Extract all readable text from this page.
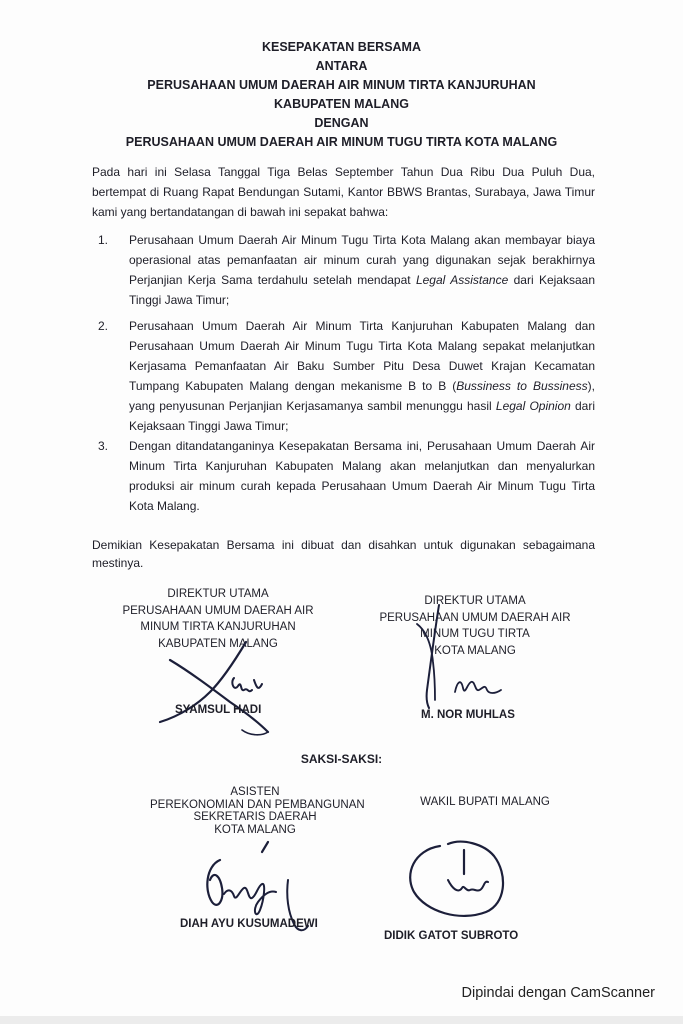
KESEPAKATAN BERSAMA
ANTARA
PERUSAHAAN UMUM DAERAH AIR MINUM TIRTA KANJURUHAN
KABUPATEN MALANG
DENGAN
PERUSAHAAN UMUM DAERAH AIR MINUM TUGU TIRTA KOTA MALANG
Pada hari ini Selasa Tanggal Tiga Belas September Tahun Dua Ribu Dua Puluh Dua, bertempat di Ruang Rapat Bendungan Sutami, Kantor BBWS Brantas, Surabaya, Jawa Timur kami yang bertandatangan di bawah ini sepakat bahwa:
1. Perusahaan Umum Daerah Air Minum Tugu Tirta Kota Malang akan membayar biaya operasional atas pemanfaatan air minum curah yang digunakan sejak berakhirnya Perjanjian Kerja Sama terdahulu setelah mendapat Legal Assistance dari Kejaksaan Tinggi Jawa Timur;
2. Perusahaan Umum Daerah Air Minum Tirta Kanjuruhan Kabupaten Malang dan Perusahaan Umum Daerah Air Minum Tugu Tirta Kota Malang sepakat melanjutkan Kerjasama Pemanfaatan Air Baku Sumber Pitu Desa Duwet Krajan Kecamatan Tumpang Kabupaten Malang dengan mekanisme B to B (Bussiness to Bussiness), yang penyusunan Perjanjian Kerjasamanya sambil menunggu hasil Legal Opinion dari Kejaksaan Tinggi Jawa Timur;
3. Dengan ditandatanganinya Kesepakatan Bersama ini, Perusahaan Umum Daerah Air Minum Tirta Kanjuruhan Kabupaten Malang akan melanjutkan dan menyalurkan produksi air minum curah kepada Perusahaan Umum Daerah Air Minum Tugu Tirta Kota Malang.
Demikian Kesepakatan Bersama ini dibuat dan disahkan untuk digunakan sebagaimana mestinya.
DIREKTUR UTAMA
PERUSAHAAN UMUM DAERAH AIR
MINUM TIRTA KANJURUHAN
KABUPATEN MALANG
SYAMSUL HADI
DIREKTUR UTAMA
PERUSAHAAN UMUM DAERAH AIR
MINUM TUGU TIRTA
KOTA MALANG
M. NOR MUHLAS
SAKSI-SAKSI:
ASISTEN
PEREKONOMIAN DAN PEMBANGUNAN
SEKRETARIS DAERAH
KOTA MALANG
DIAH AYU KUSUMADEWI
WAKIL BUPATI MALANG
DIDIK GATOT SUBROTO
Dipindai dengan CamScanner
